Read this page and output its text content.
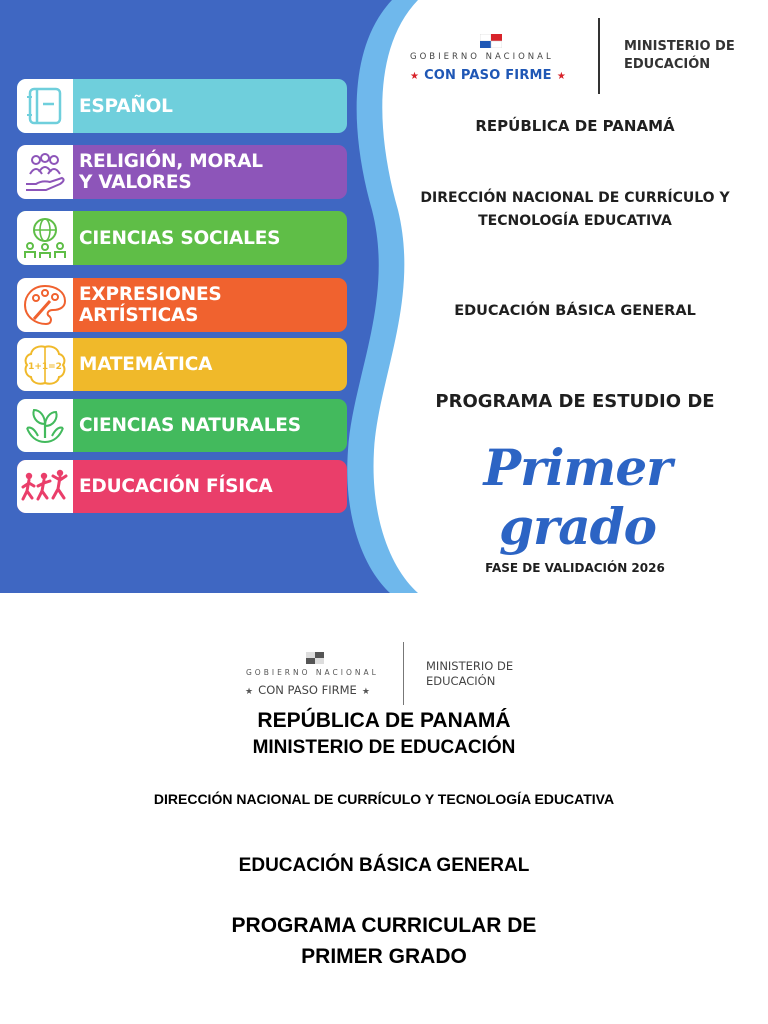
ESPAÑOL
RELIGIÓN, MORAL
Y VALORES
CIENCIAS SOCIALES
EXPRESIONES ARTÍSTICAS
1+1=2 MATEMÁTICA
CIENCIAS NATURALES
EDUCACIÓN FÍSICA
GOBIERNO NACIONAL
★ CON PASO FIRME ★
MINISTERIO DE
EDUCACIÓN
REPÚBLICA DE PANAMÁ
DIRECCIÓN NACIONAL DE CURRÍCULO Y
TECNOLOGÍA EDUCATIVA
EDUCACIÓN BÁSICA GENERAL
PROGRAMA DE ESTUDIO DE
Primer grado
FASE DE VALIDACIÓN 2026
GOBIERNO NACIONAL
★ CON PASO FIRME ★
MINISTERIO DE
EDUCACIÓN
REPÚBLICA DE PANAMÁ
MINISTERIO DE EDUCACIÓN
DIRECCIÓN NACIONAL DE CURRÍCULO Y TECNOLOGÍA EDUCATIVA
EDUCACIÓN BÁSICA GENERAL
PROGRAMA CURRICULAR DE
PRIMER GRADO
